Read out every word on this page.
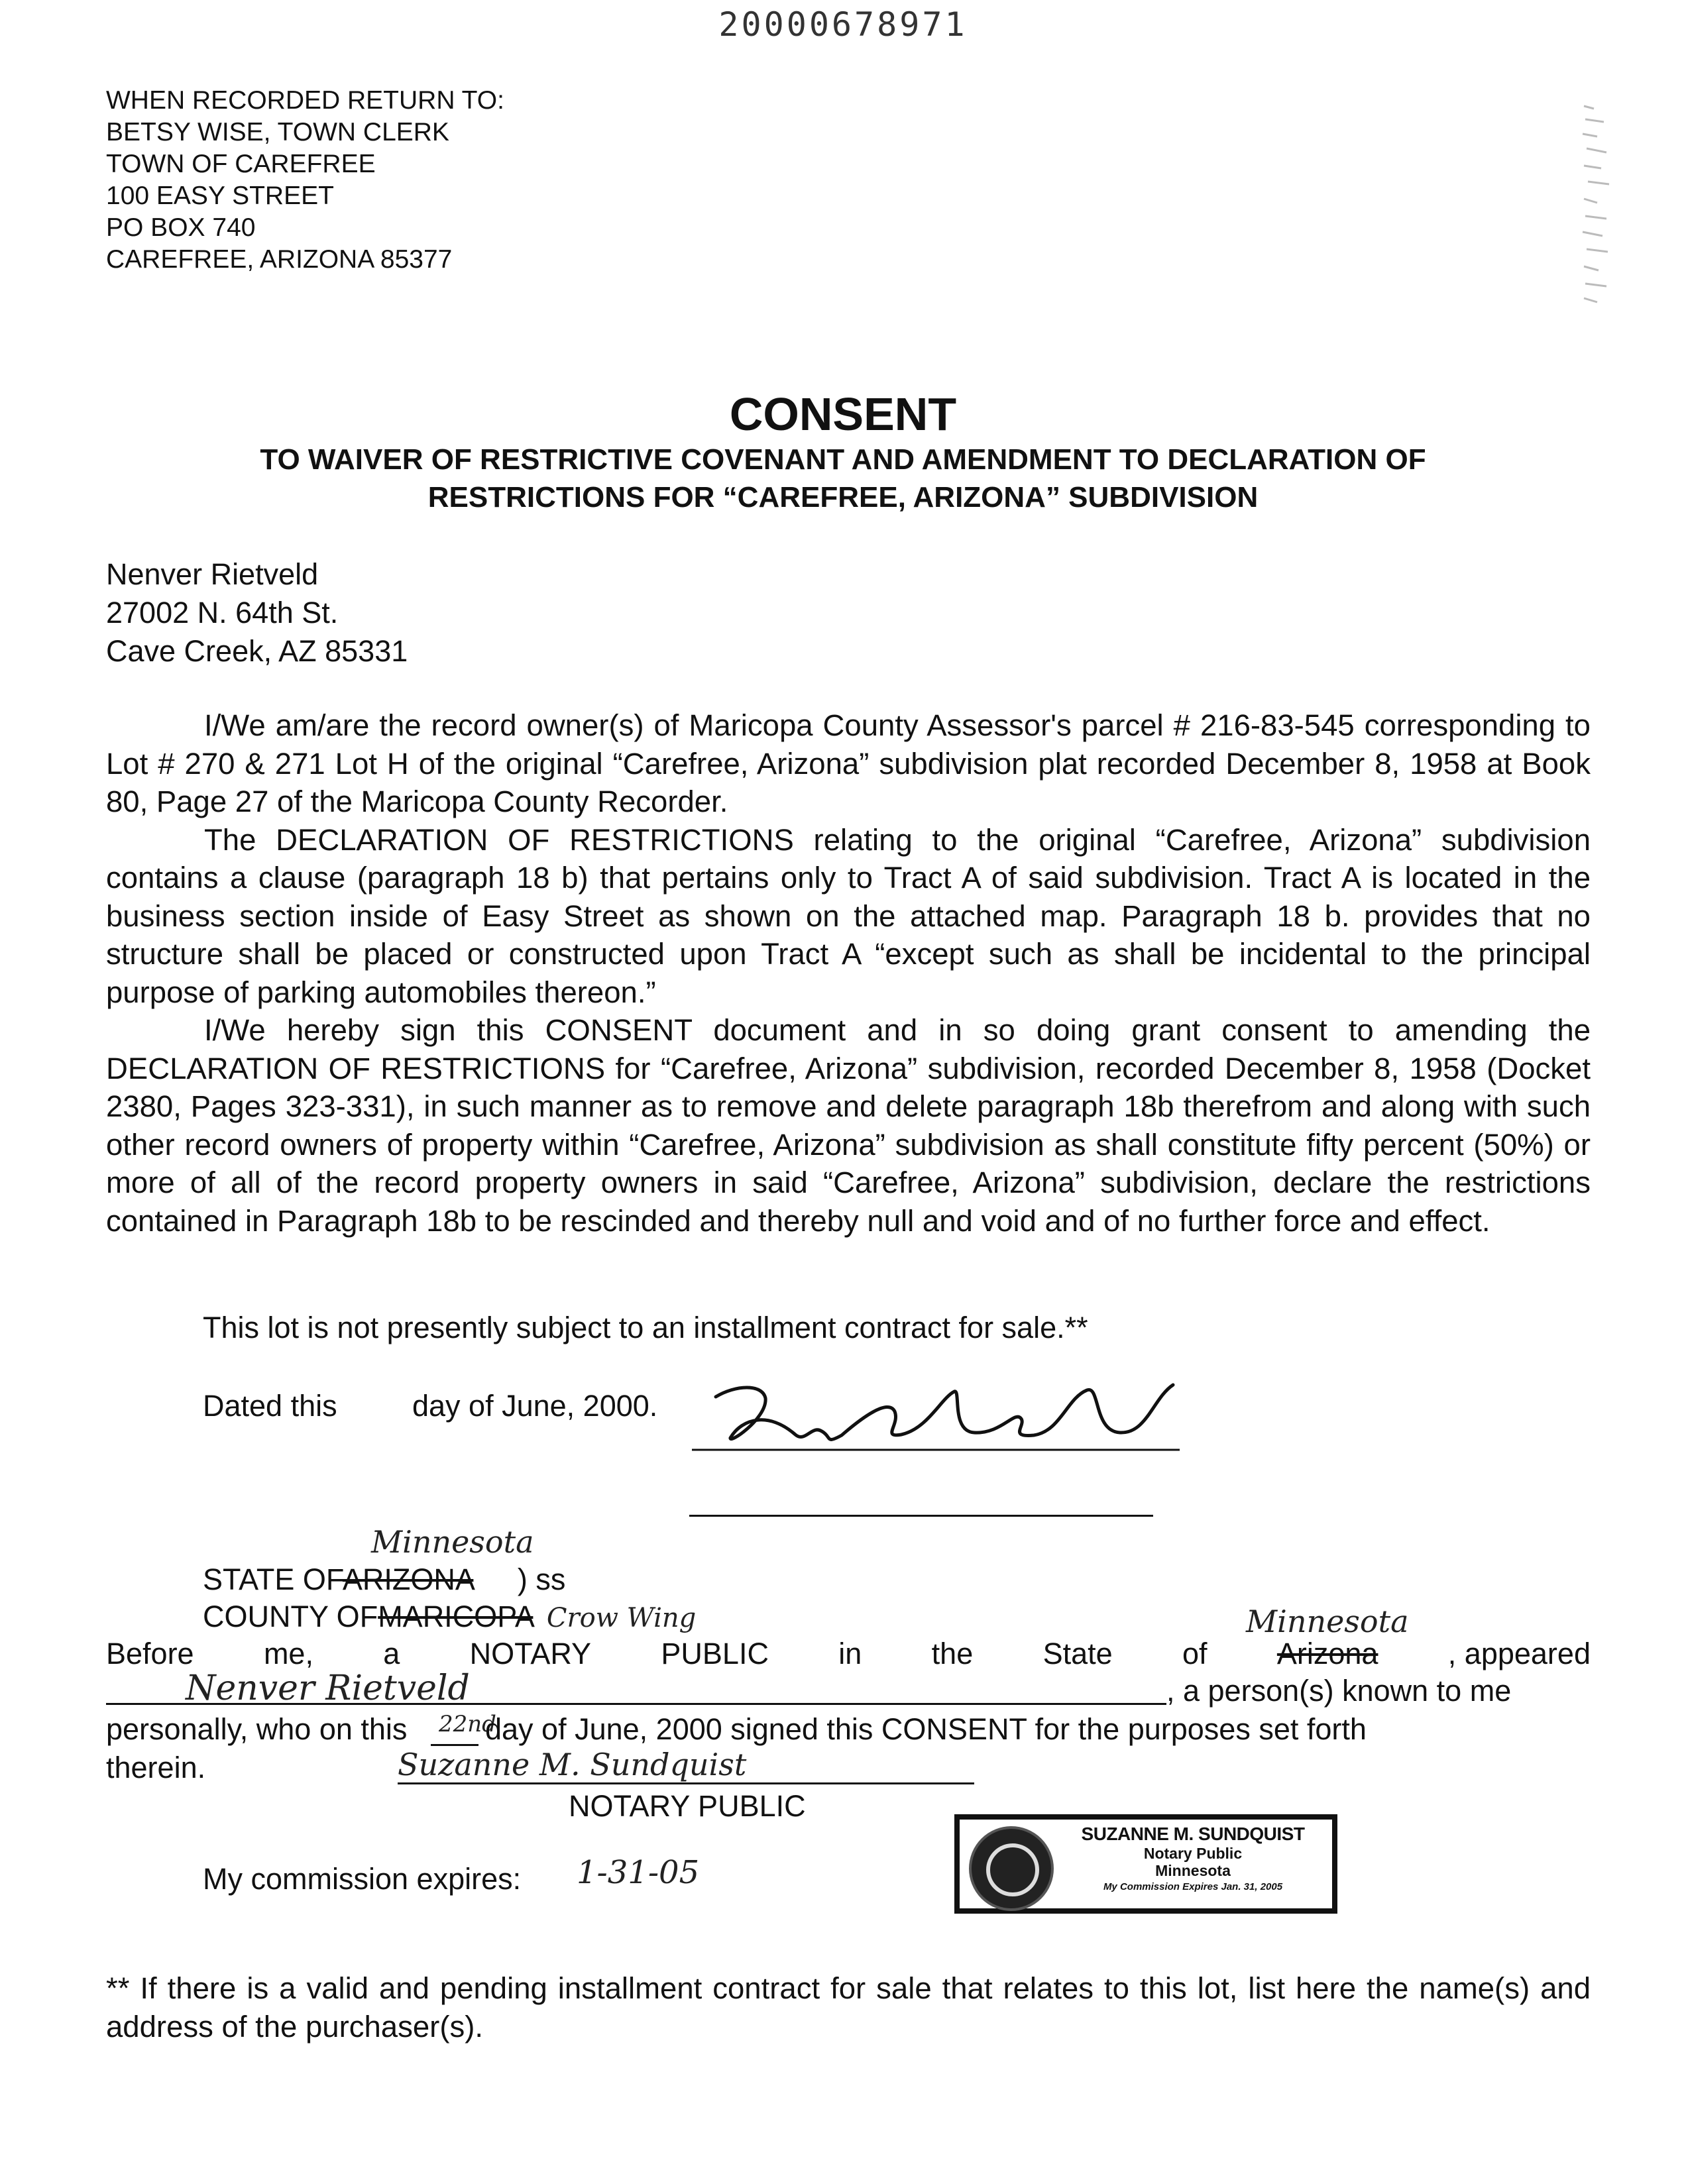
20000678971
WHEN RECORDED RETURN TO:
BETSY WISE, TOWN CLERK
TOWN OF CAREFREE
100 EASY STREET
PO BOX 740
CAREFREE, ARIZONA 85377
CONSENT
TO WAIVER OF RESTRICTIVE COVENANT AND AMENDMENT TO DECLARATION OF
RESTRICTIONS FOR “CAREFREE, ARIZONA” SUBDIVISION
Nenver Rietveld
27002 N. 64th St.
Cave Creek, AZ 85331

I/We am/are the record owner(s) of Maricopa County Assessor's parcel # 216-83-545 corresponding to Lot # 270 & 271 Lot H of the original “Carefree, Arizona” subdivision plat recorded December 8, 1958 at Book 80, Page 27 of the Maricopa County Recorder.

The DECLARATION OF RESTRICTIONS relating to the original “Carefree, Arizona” subdivision contains a clause (paragraph 18 b) that pertains only to Tract A of said subdivision. Tract A is located in the business section inside of Easy Street as shown on the attached map. Paragraph 18 b. provides that no structure shall be placed or constructed upon Tract A “except such as shall be incidental to the principal purpose of parking automobiles thereon.”

I/We hereby sign this CONSENT document and in so doing grant consent to amending the DECLARATION OF RESTRICTIONS for “Carefree, Arizona” subdivision, recorded December 8, 1958 (Docket 2380, Pages 323-331), in such manner as to remove and delete paragraph 18b therefrom and along with such other record owners of property within “Carefree, Arizona” subdivision as shall constitute fifty percent (50%) or more of all of the record property owners in said “Carefree, Arizona” subdivision, declare the restrictions contained in Paragraph 18b to be rescinded and thereby null and void and of no further force and effect.

This lot is not presently subject to an installment contract for sale.**
Dated this	day of June, 2000.	Nenver Rietveld
Minnesota
STATE OFARIZONA ) ss
COUNTY OFMARICOPA Crow Wing	Minnesota
Before me, a NOTARY PUBLIC in the State of Arizona , appeared
Nenver Rietveld	, a person(s) known to me
personally, who on this 22nd
day of June, 2000 signed this CONSENT for the purposes set forth
therein.	Suzanne M. Sundquist
NOTARY PUBLIC
My commission expires: 1-31-05
SUZANNE M. SUNDQUIST
Notary Public
Minnesota
My Commission Expires Jan. 31, 2005
** If there is a valid and pending installment contract for sale that relates to this lot, list here the name(s) and address of the purchaser(s).
